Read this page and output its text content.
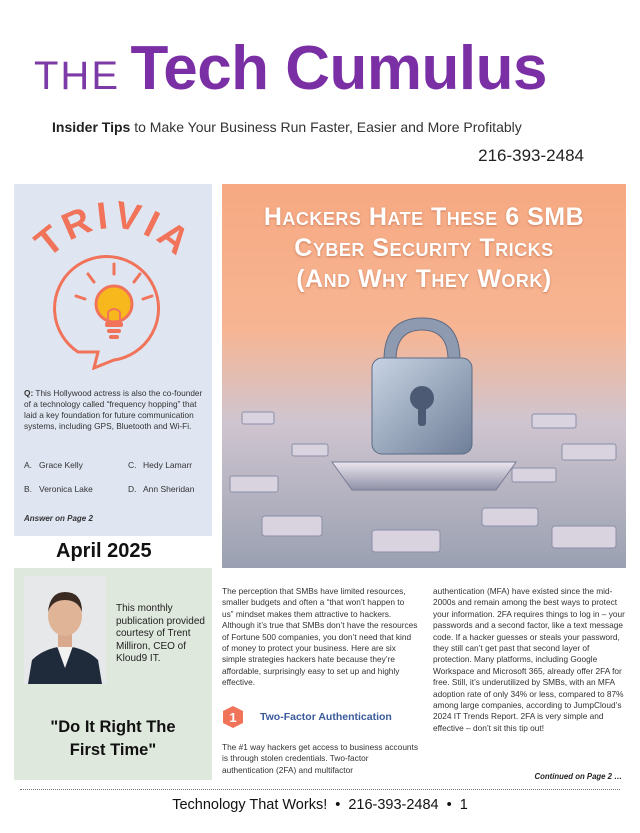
THE Tech Cumulus
Insider Tips to Make Your Business Run Faster, Easier and More Profitably
216-393-2484
TRIVIA
Q: This Hollywood actress is also the co-founder of a technology called “frequency hopping” that laid a key foundation for future communication systems, including GPS, Bluetooth and Wi-Fi.
A. Grace Kelly	C. Hedy Lamarr
B. Veronica Lake	D. Ann Sheridan
Answer on Page 2
April 2025
This monthly publication provided courtesy of Trent Milliron, CEO of Kloud9 IT.
"Do It Right The
First Time"
Hackers Hate These 6 SMB
Cyber Security Tricks
(And Why They Work)
The perception that SMBs have limited resources, smaller budgets and often a “that won’t happen to us” mindset makes them attractive to hackers. Although it’s true that SMBs don’t have the resources of Fortune 500 companies, you don’t need that kind of money to protect your business. Here are six simple strategies hackers hate because they’re affordable, surprisingly easy to set up and highly effective.
1 Two-Factor Authentication
The #1 way hackers get access to business accounts is through stolen credentials. Two-factor authentication (2FA) and multifactor
authentication (MFA) have existed since the mid-2000s and remain among the best ways to protect your information. 2FA requires things to log in – your passwords and a second factor, like a text message code. If a hacker guesses or steals your password, they still can’t get past that second layer of protection. Many platforms, including Google Workspace and Microsoft 365, already offer 2FA for free. Still, it’s underutilized by SMBs, with an MFA adoption rate of only 34% or less, compared to 87% among large companies, according to JumpCloud’s 2024 IT Trends Report. 2FA is very simple and effective – don’t sit this tip out!
Continued on Page 2 …
Technology That Works! • 216-393-2484 • 1
